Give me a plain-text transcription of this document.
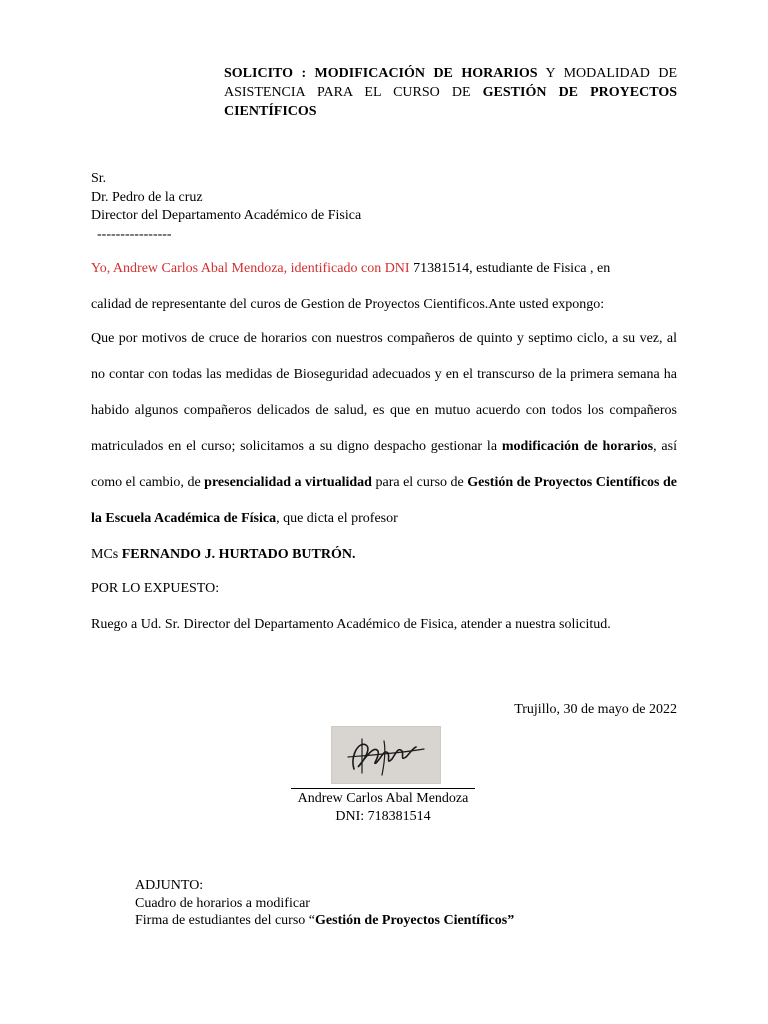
SOLICITO : MODIFICACIÓN DE HORARIOS Y MODALIDAD DE ASISTENCIA PARA EL CURSO DE GESTIÓN DE PROYECTOS CIENTÍFICOS
Sr.
Dr. Pedro de la cruz
Director del Departamento Académico de Fisica
----------------

Yo, Andrew Carlos Abal Mendoza, identificado con DNI 71381514, estudiante de Fisica , en

calidad de representante del curos de Gestion de Proyectos Cientificos.Ante usted expongo:

Que por motivos de cruce de horarios con nuestros compañeros de quinto y septimo ciclo, a su vez, al no contar con todas las medidas de Bioseguridad adecuados y en el transcurso de la primera semana ha habido algunos compañeros delicados de salud, es que en mutuo acuerdo con todos los compañeros matriculados en el curso; solicitamos a su digno despacho gestionar la modificación de horarios, así como el cambio, de presencialidad a virtualidad para el curso de Gestión de Proyectos Científicos de la Escuela Académica de Física, que dicta el profesor

MCs FERNANDO J. HURTADO BUTRÓN.

POR LO EXPUESTO:
Ruego a Ud. Sr. Director del Departamento Académico de Fisica, atender a nuestra solicitud.
Trujillo, 30 de mayo de 2022
Andrew Carlos Abal Mendoza
DNI: 718381514
ADJUNTO:
Cuadro de horarios a modificar
Firma de estudiantes del curso “Gestión de Proyectos Científicos”
